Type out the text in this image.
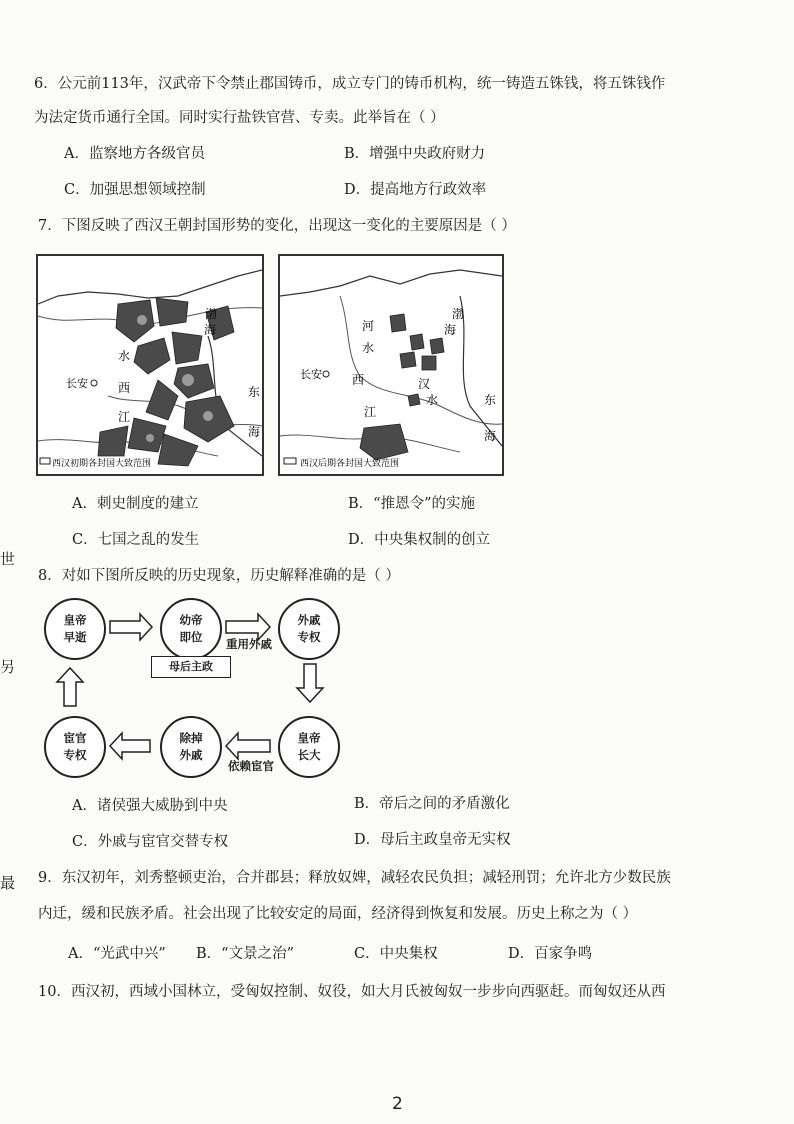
世
另
最
6．公元前113年，汉武帝下令禁止郡国铸币，成立专门的铸币机构，统一铸造五铢钱，将五铢钱作
为法定货币通行全国。同时实行盐铁官营、专卖。此举旨在（ ）
A．监察地方各级官员	B．增强中央政府财力
C．加强思想领域控制	D．提高地方行政效率
7．下图反映了西汉王朝封国形势的变化，出现这一变化的主要原因是（ ）
渤
海
水
长安	西
江
东
海
西汉初期各封国大致范围
河
水
渤
海
长安	西	汉
水
江
东
海
西汉后期各封国大致范围
A．刺史制度的建立	B．“推恩令”的实施
C．七国之乱的发生	D．中央集权制的创立
8．对如下图所反映的历史现象，历史解释准确的是（ ）
皇帝早逝
幼帝即位
外戚专权
皇帝长大
除掉外戚
宦官专权
重用外戚
依赖宦官
母后主政
A．诸侯强大威胁到中央	B．帝后之间的矛盾激化
C．外戚与宦官交替专权	D．母后主政皇帝无实权
9．东汉初年，刘秀整顿吏治，合并郡县；释放奴婢，减轻农民负担；减轻刑罚；允许北方少数民族
内迁，缓和民族矛盾。社会出现了比较安定的局面，经济得到恢复和发展。历史上称之为（ ）
A．“光武中兴” B．“文景之治”	C．中央集权	D．百家争鸣
10．西汉初，西域小国林立，受匈奴控制、奴役，如大月氏被匈奴一步步向西驱赶。而匈奴还从西
2
